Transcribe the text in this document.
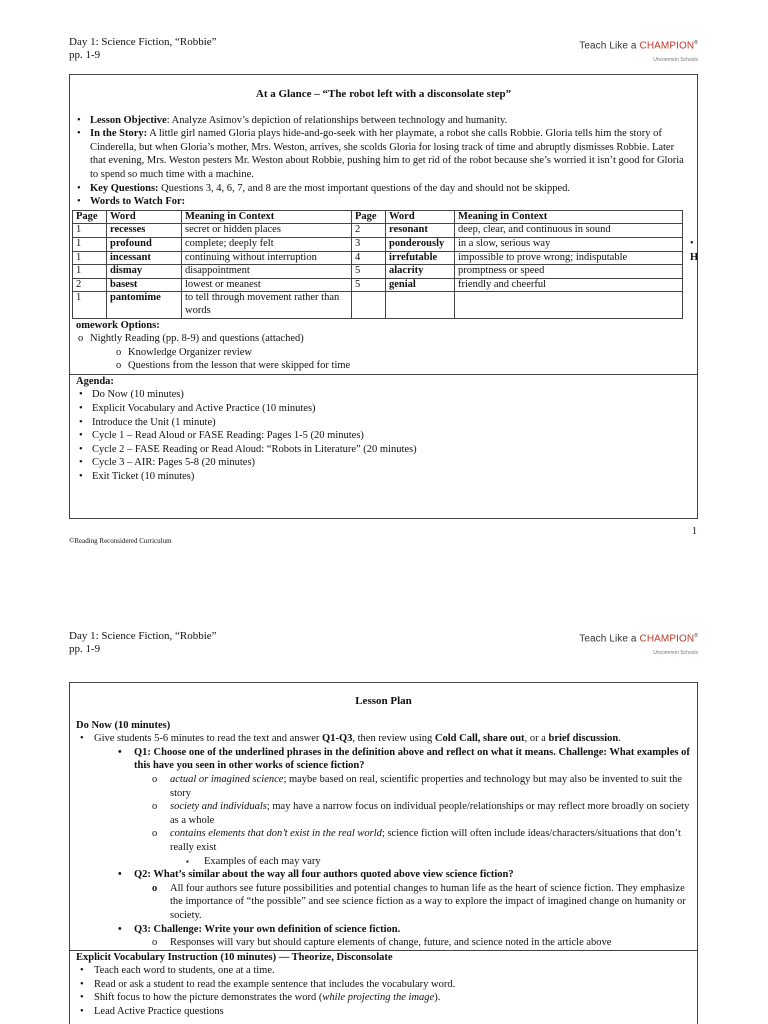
Day 1: Science Fiction, “Robbie”
pp. 1-9
Teach Like a CHAMPION®
Uncommon Schools
At a Glance – “The robot left with a disconsolate step”
• Lesson Objective: Analyze Asimov’s depiction of relationships between technology and humanity.
• In the Story: A little girl named Gloria plays hide-and-go-seek with her playmate, a robot she calls Robbie. Gloria tells him the story of Cinderella, but when Gloria’s mother, Mrs. Weston, arrives, she scolds Gloria for losing track of time and abruptly dismisses Robbie. Later that evening, Mrs. Weston pesters Mr. Weston about Robbie, pushing him to get rid of the robot because she’s worried it isn’t good for Gloria to spend so much time with a machine.
• Key Questions: Questions 3, 4, 6, 7, and 8 are the most important questions of the day and should not be skipped.
• Words to Watch For:
Page	Word	Meaning in Context	Page	Word	Meaning in Context
1	recesses	secret or hidden places	2	resonant	deep, clear, and continuous in sound
1	profound	complete; deeply felt	3	ponderously	in a slow, serious way
1	incessant	continuing without interruption	4	irrefutable	impossible to prove wrong; indisputable
1	dismay	disappointment	5	alacrity	promptness or speed
2	basest	lowest or meanest	5	genial	friendly and cheerful
1	pantomime	to tell through movement rather than words			
omework Options:
o Nightly Reading (pp. 8-9) and questions (attached)
o Knowledge Organizer review
o Questions from the lesson that were skipped for time
Agenda:
• Do Now (10 minutes)
• Explicit Vocabulary and Active Practice (10 minutes)
• Introduce the Unit (1 minute)
• Cycle 1 – Read Aloud or FASE Reading: Pages 1-5 (20 minutes)
• Cycle 2 – FASE Reading or Read Aloud: “Robots in Literature” (20 minutes)
• Cycle 3 – AIR: Pages 5-8 (20 minutes)
• Exit Ticket (10 minutes)
•
H
1
©Reading Reconsidered Curriculum
Day 1: Science Fiction, “Robbie”
pp. 1-9
Teach Like a CHAMPION®
Uncommon Schools
Lesson Plan
Do Now (10 minutes)
• Give students 5-6 minutes to read the text and answer Q1-Q3, then review using Cold Call, share out, or a brief discussion.
• Q1: Choose one of the underlined phrases in the definition above and reflect on what it means. Challenge: What examples of this have you seen in other works of science fiction?
o actual or imagined science; maybe based on real, scientific properties and technology but may also be invented to suit the story
o society and individuals; may have a narrow focus on individual people/relationships or may reflect more broadly on society as a whole
o contains elements that don’t exist in the real world; science fiction will often include ideas/characters/situations that don’t really exist
▪ Examples of each may vary
• Q2: What’s similar about the way all four authors quoted above view science fiction?
o All four authors see future possibilities and potential changes to human life as the heart of science fiction. They emphasize the importance of “the possible” and see science fiction as a way to explore the impact of imagined change on humanity or society.
• Q3: Challenge: Write your own definition of science fiction.
o Responses will vary but should capture elements of change, future, and science noted in the article above
Explicit Vocabulary Instruction (10 minutes) — Theorize, Disconsolate
• Teach each word to students, one at a time.
• Read or ask a student to read the example sentence that includes the vocabulary word.
• Shift focus to how the picture demonstrates the word (while projecting the image).
• Lead Active Practice questions
